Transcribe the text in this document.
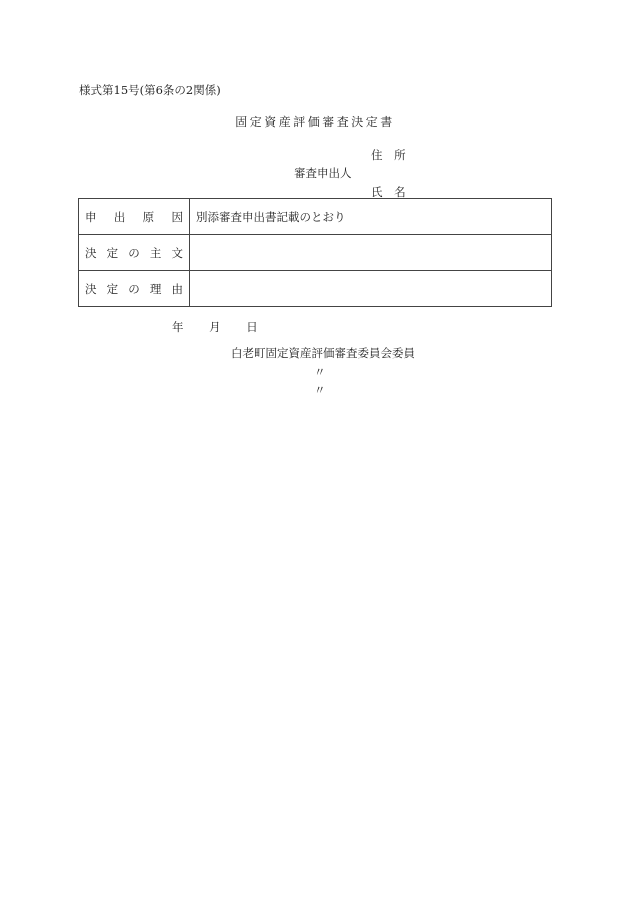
様式第15号(第6条の2関係)
固定資産評価審査決定書
住 所
審査申出人
氏 名
申 出 原 因	別添審査申出書記載のとおり

決 定 の 主 文	

決 定 の 理 由	

年 月 日
白老町固定資産評価審査委員会委員
〃
〃
